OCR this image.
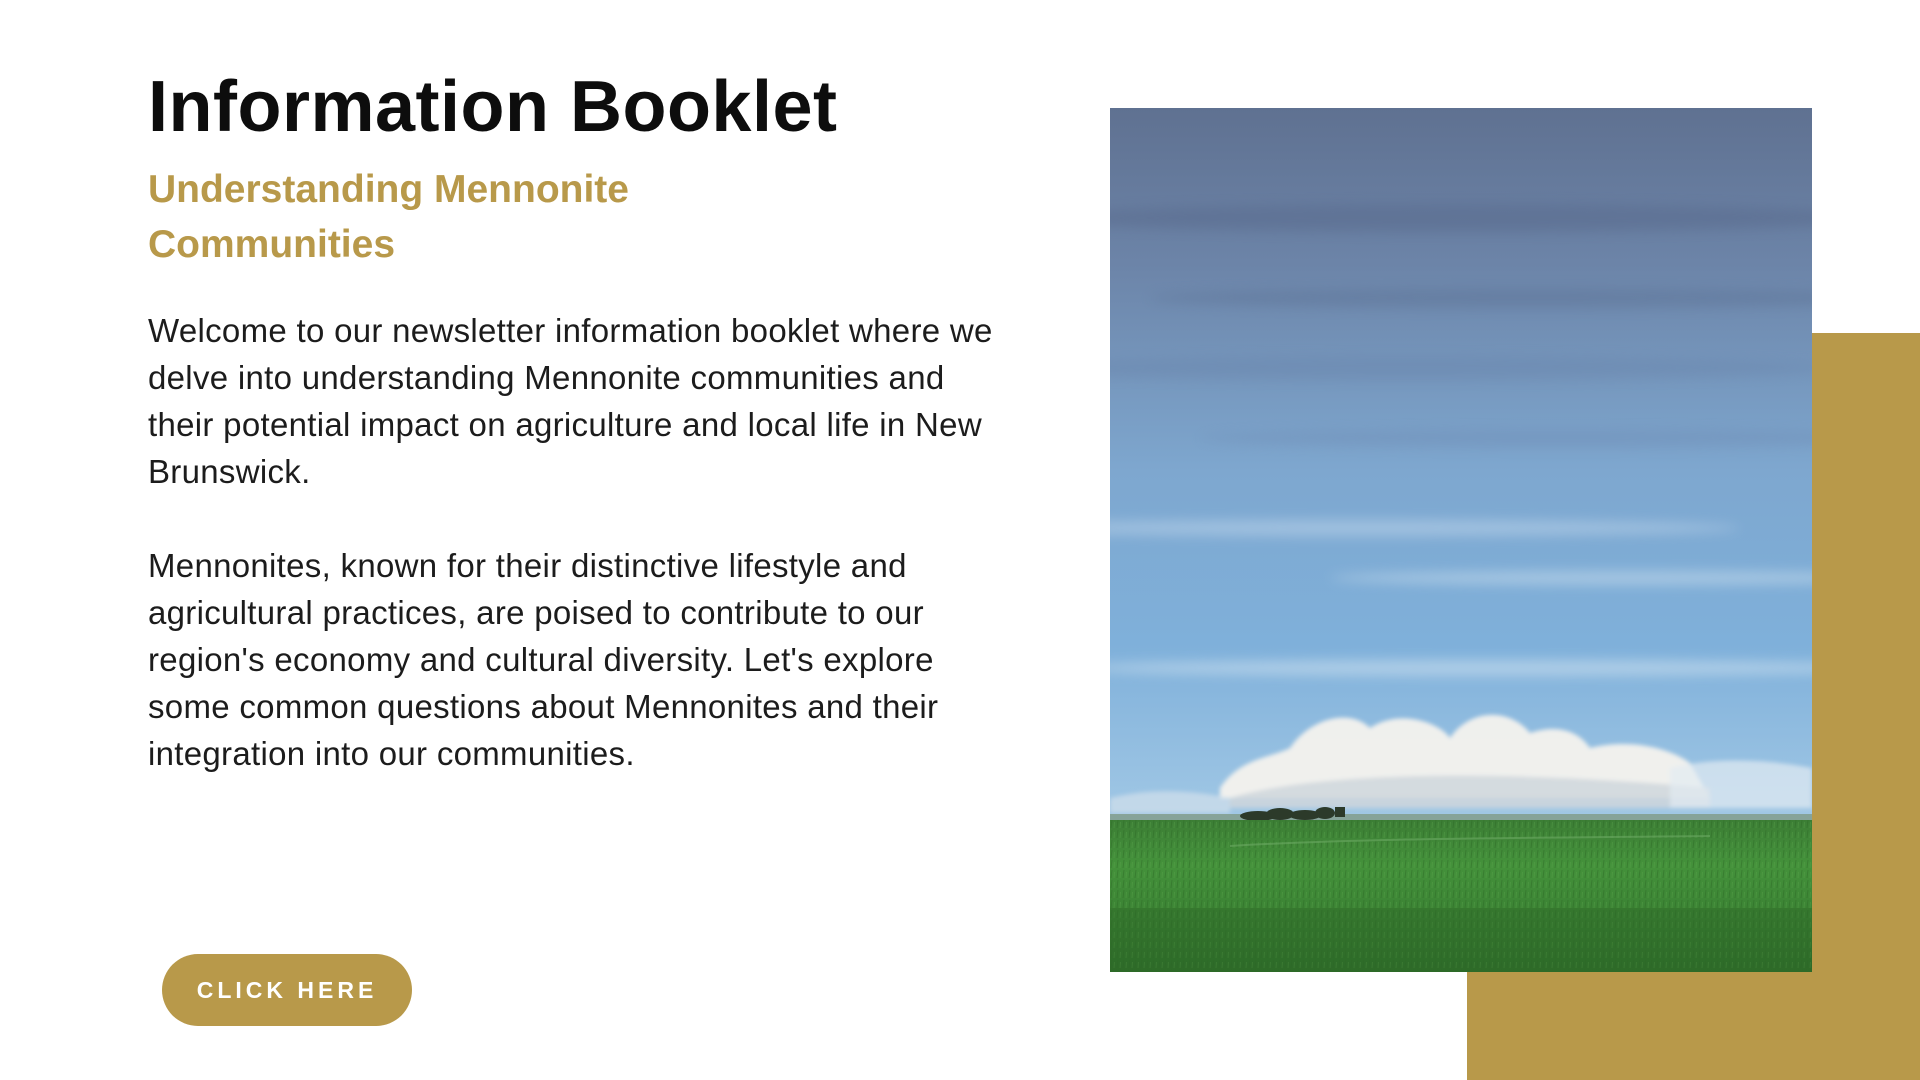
Information Booklet
Understanding Mennonite Communities

Welcome to our newsletter information booklet where we delve into understanding Mennonite communities and their potential impact on agriculture and local life in New Brunswick.

Mennonites, known for their distinctive lifestyle and agricultural practices, are poised to contribute to our region's economy and cultural diversity. Let's explore some common questions about Mennonites and their integration into our communities.

CLICK HERE
